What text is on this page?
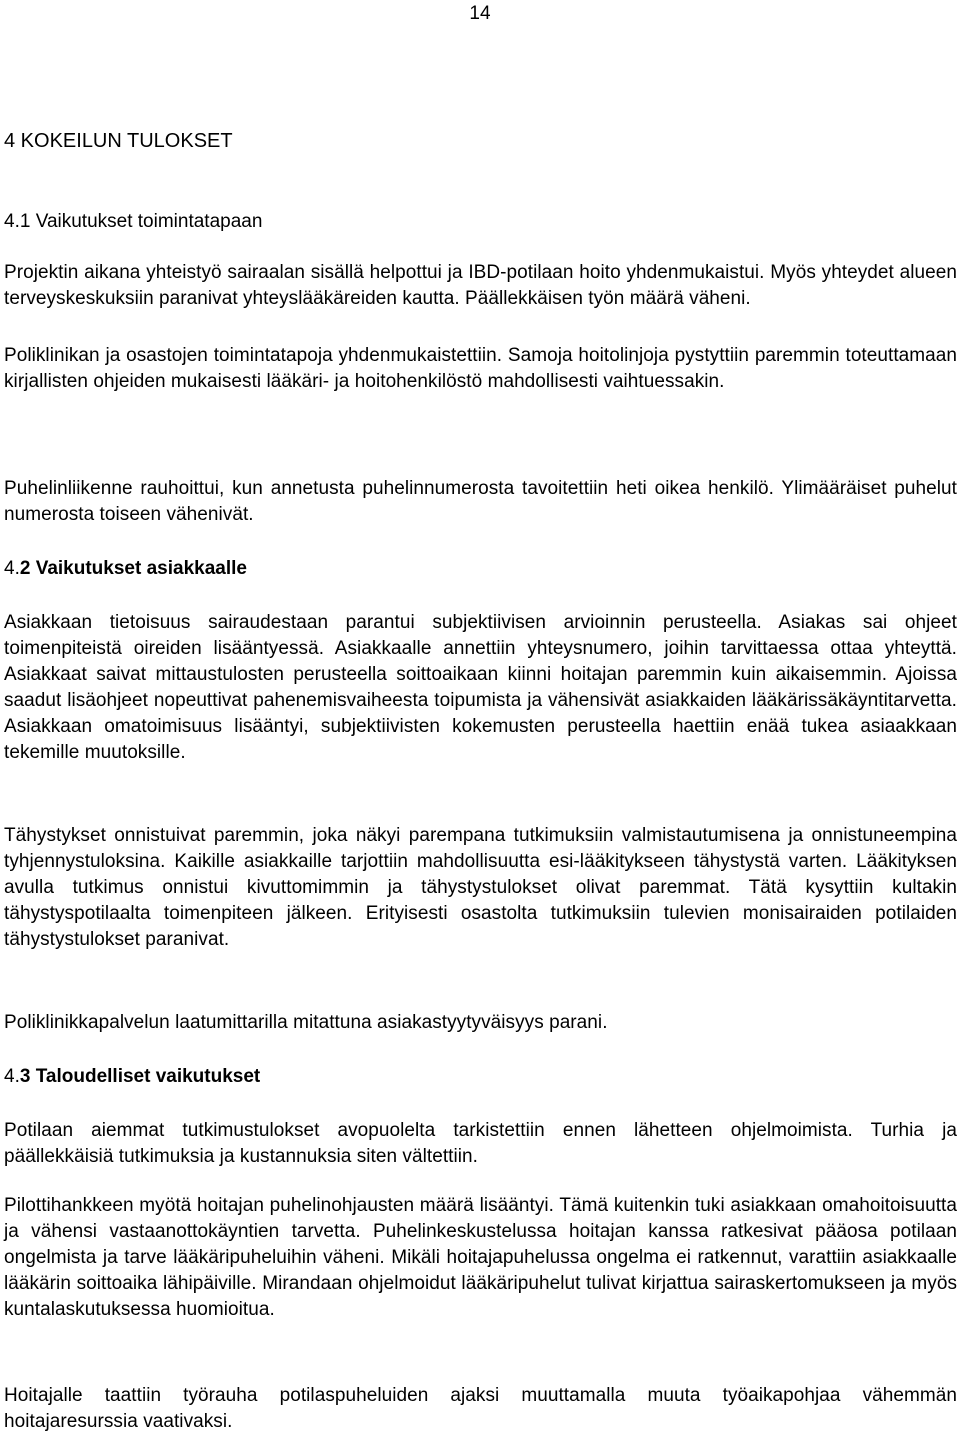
14
4 KOKEILUN TULOKSET
4.1 Vaikutukset toimintatapaan

Projektin aikana yhteistyö sairaalan sisällä helpottui ja IBD-potilaan hoito yhdenmukaistui. Myös yhteydet alueen terveyskeskuksiin paranivat yhteyslääkäreiden kautta. Päällekkäisen työn määrä väheni.

Poliklinikan ja osastojen toimintatapoja yhdenmukaistettiin. Samoja hoitolinjoja pystyttiin paremmin toteuttamaan kirjallisten ohjeiden mukaisesti lääkäri- ja hoitohenkilöstö mahdollisesti vaihtuessakin.

Puhelinliikenne rauhoittui, kun annetusta puhelinnumerosta tavoitettiin heti oikea henkilö. Ylimääräiset puhelut numerosta toiseen vähenivät.

4.2 Vaikutukset asiakkaalle

Asiakkaan tietoisuus sairaudestaan parantui subjektiivisen arvioinnin perusteella. Asiakas sai ohjeet toimenpiteistä oireiden lisääntyessä. Asiakkaalle annettiin yhteysnumero, joihin tarvittaessa ottaa yhteyttä. Asiakkaat saivat mittaustulosten perusteella soittoaikaan kiinni hoitajan paremmin kuin aikaisemmin. Ajoissa saadut lisäohjeet nopeuttivat pahenemisvaiheesta toipumista ja vähensivät asiakkaiden lääkärissäkäyntitarvetta. Asiakkaan omatoimisuus lisääntyi, subjektiivisten kokemusten perusteella haettiin enää tukea asiaakkaan tekemille muutoksille.

Tähystykset onnistuivat paremmin, joka näkyi parempana tutkimuksiin valmistautumisena ja onnistuneempina tyhjennystuloksina. Kaikille asiakkaille tarjottiin mahdollisuutta esi-lääkitykseen tähystystä varten. Lääkityksen avulla tutkimus onnistui kivuttomimmin ja tähystystulokset olivat paremmat. Tätä kysyttiin kultakin tähystyspotilaalta toimenpiteen jälkeen. Erityisesti osastolta tutkimuksiin tulevien monisairaiden potilaiden tähystystulokset paranivat.

Poliklinikkapalvelun laatumittarilla mitattuna asiakastyytyväisyys parani.

4.3 Taloudelliset vaikutukset

Potilaan aiemmat tutkimustulokset avopuolelta tarkistettiin ennen lähetteen ohjelmoimista. Turhia ja päällekkäisiä tutkimuksia ja kustannuksia siten vältettiin.

Pilottihankkeen myötä hoitajan puhelinohjausten määrä lisääntyi. Tämä kuitenkin tuki asiakkaan omahoitoisuutta ja vähensi vastaanottokäyntien tarvetta. Puhelinkeskustelussa hoitajan kanssa ratkesivat pääosa potilaan ongelmista ja tarve lääkäripuheluihin väheni. Mikäli hoitajapuhelussa ongelma ei ratkennut, varattiin asiakkaalle lääkärin soittoaika lähipäiville. Mirandaan ohjelmoidut lääkäripuhelut tulivat kirjattua sairaskertomukseen ja myös kuntalaskutuksessa huomioitua.

Hoitajalle taattiin työrauha potilaspuheluiden ajaksi muuttamalla muuta työaikapohjaa vähemmän hoitajaresurssia vaativaksi.
